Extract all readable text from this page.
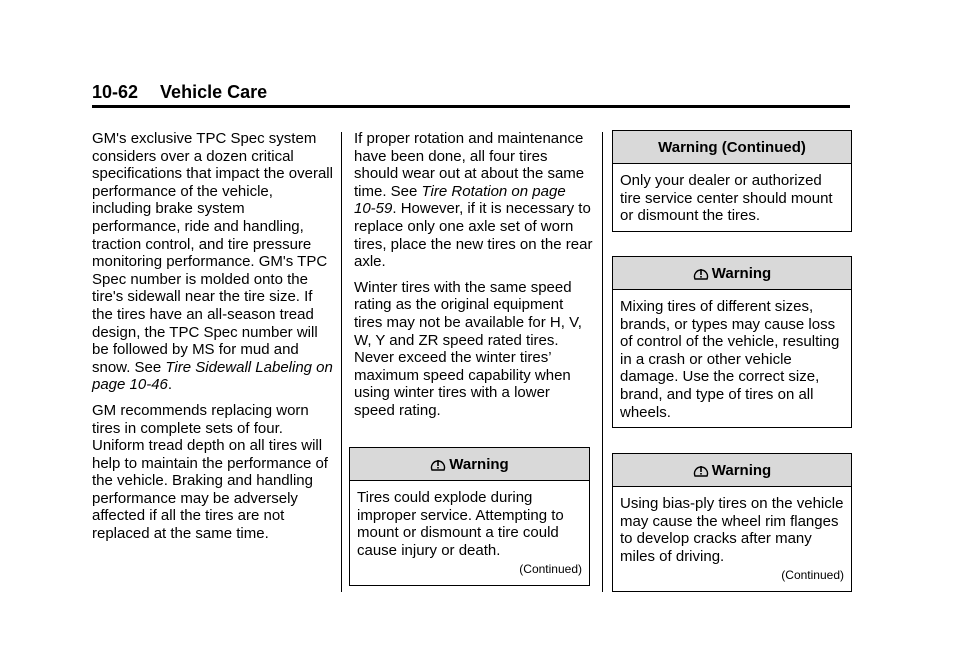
10-62 Vehicle Care

GM's exclusive TPC Spec system considers over a dozen critical specifications that impact the overall performance of the vehicle, including brake system performance, ride and handling, traction control, and tire pressure monitoring performance. GM's TPC Spec number is molded onto the tire's sidewall near the tire size. If the tires have an all-season tread design, the TPC Spec number will be followed by MS for mud and snow. See Tire Sidewall Labeling on page 10‑46.

GM recommends replacing worn tires in complete sets of four. Uniform tread depth on all tires will help to maintain the performance of the vehicle. Braking and handling performance may be adversely affected if all the tires are not replaced at the same time.

If proper rotation and maintenance have been done, all four tires should wear out at about the same time. See Tire Rotation on page 10‑59. However, if it is necessary to replace only one axle set of worn tires, place the new tires on the rear axle.

Winter tires with the same speed rating as the original equipment tires may not be available for H, V, W, Y and ZR speed rated tires. Never exceed the winter tires’ maximum speed capability when using winter tires with a lower speed rating.

Warning
Tires could explode during improper service. Attempting to mount or dismount a tire could cause injury or death.
(Continued)
Warning (Continued)
Only your dealer or authorized tire service center should mount or dismount the tires.
Warning
Mixing tires of different sizes, brands, or types may cause loss of control of the vehicle, resulting in a crash or other vehicle damage. Use the correct size, brand, and type of tires on all wheels.
Warning
Using bias-ply tires on the vehicle may cause the wheel rim flanges to develop cracks after many miles of driving.
(Continued)
